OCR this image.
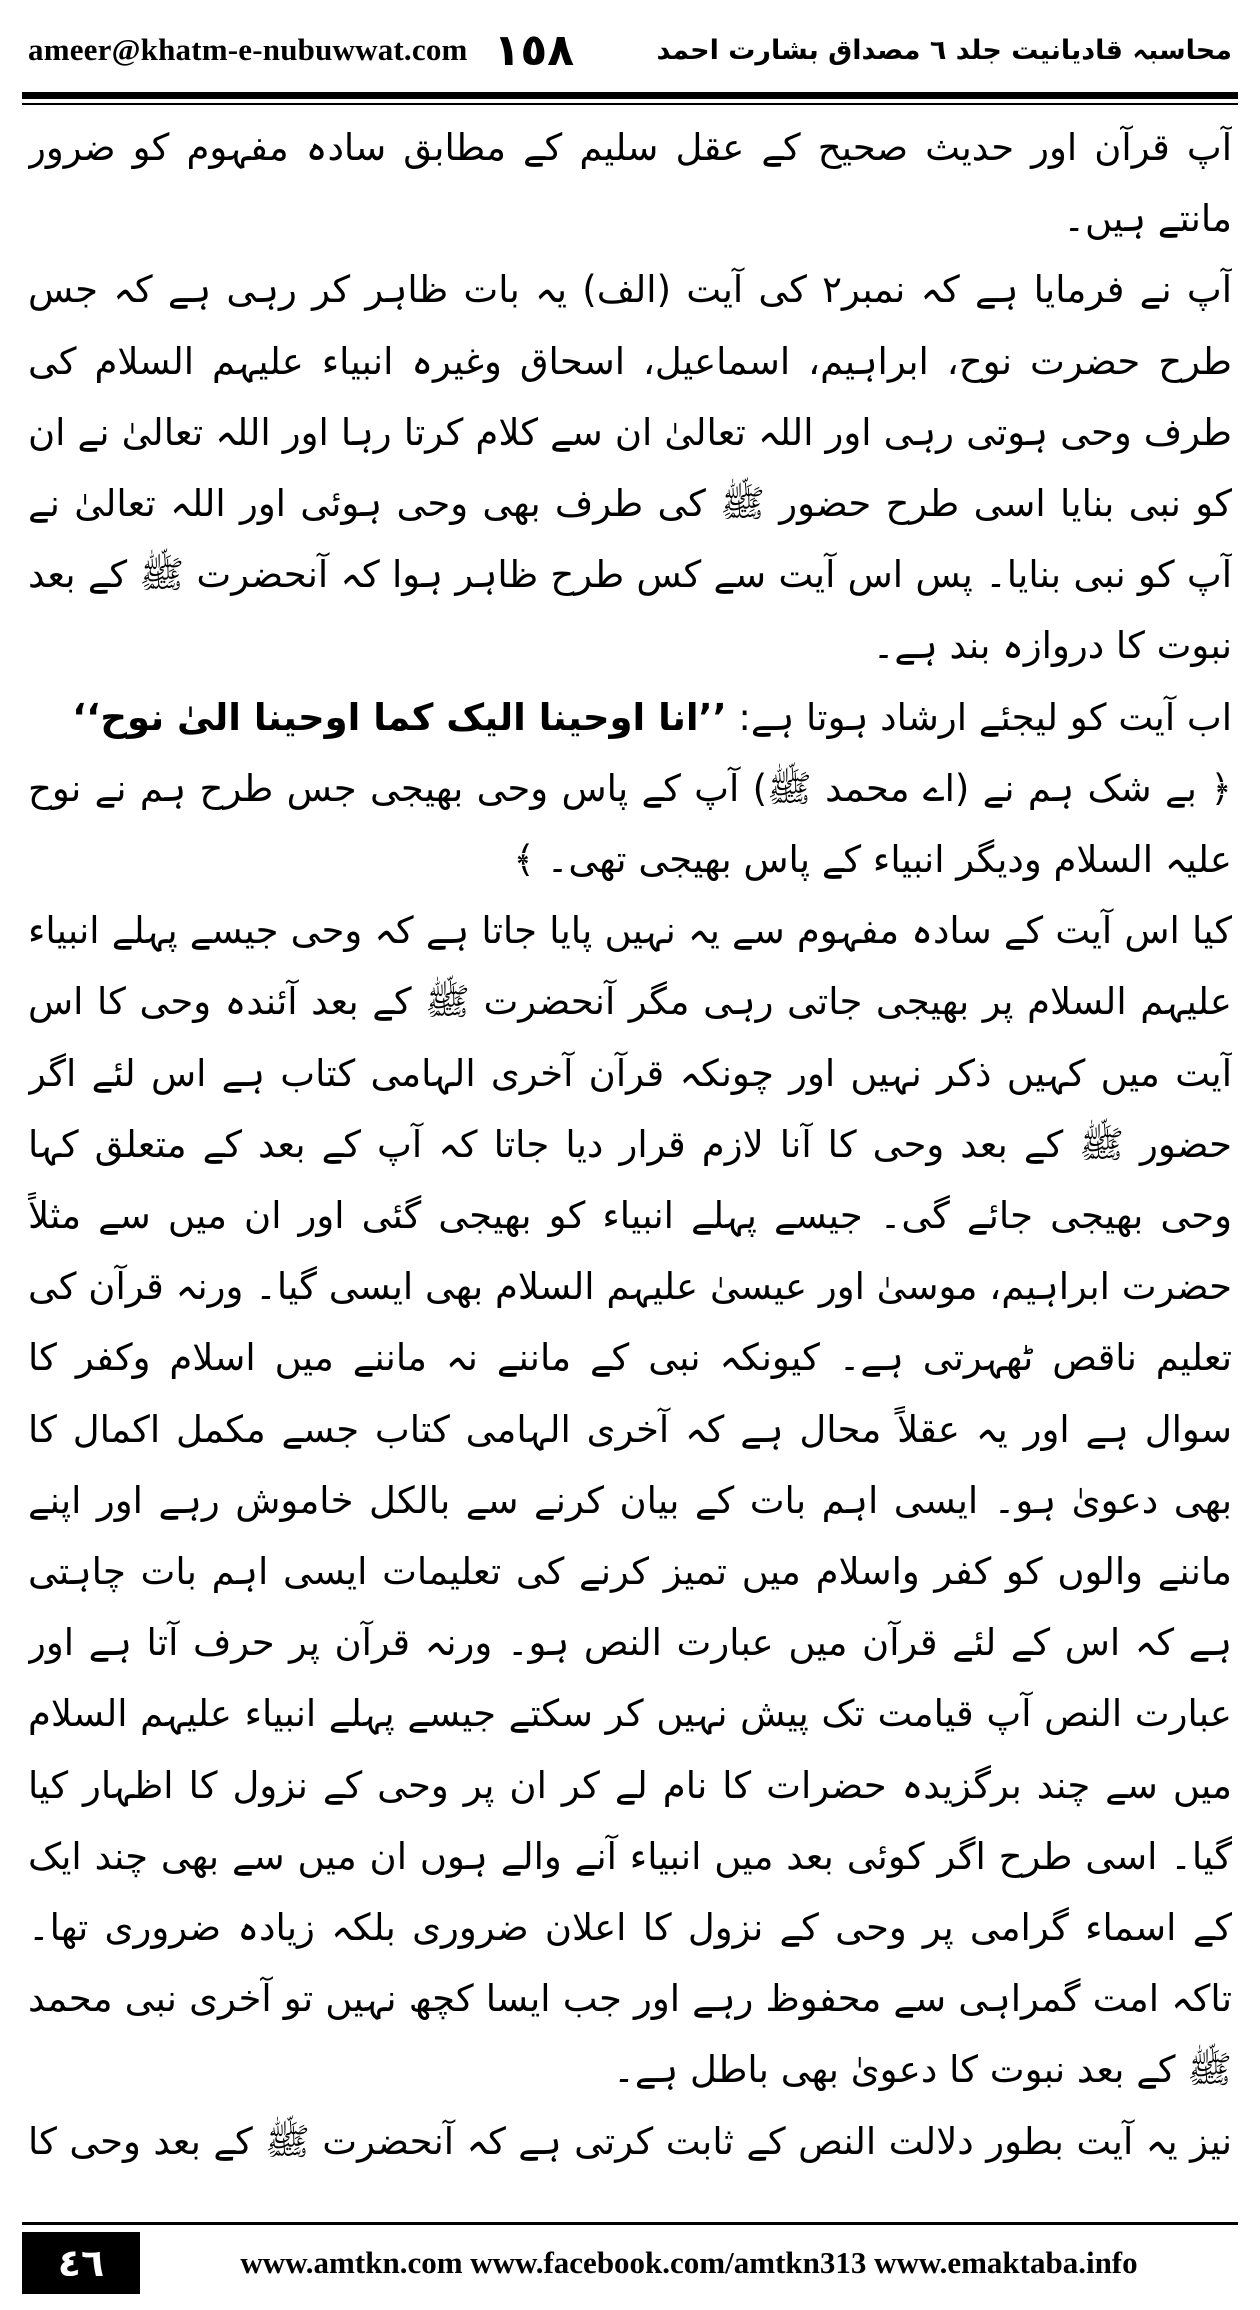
ameer@khatm-e-nubuwwat.com ١٥٨	محاسبہ قادیانیت جلد ٦ مصداق بشارت احمد

آپ قرآن اور حدیث صحیح کے عقل سلیم کے مطابق سادہ مفہوم کو ضرور مانتے ہیں۔

آپ نے فرمایا ہے کہ نمبر٢ کی آیت (الف) یہ بات ظاہر کر رہی ہے کہ جس طرح حضرت نوح، ابراہیم، اسماعیل، اسحاق وغیرہ انبیاء علیہم السلام کی طرف وحی ہوتی رہی اور اللہ تعالیٰ ان سے کلام کرتا رہا اور اللہ تعالیٰ نے ان کو نبی بنایا اسی طرح حضور ﷺ کی طرف بھی وحی ہوئی اور اللہ تعالیٰ نے آپ کو نبی بنایا۔ پس اس آیت سے کس طرح ظاہر ہوا کہ آنحضرت ﷺ کے بعد نبوت کا دروازہ بند ہے۔

اب آیت کو لیجئے ارشاد ہوتا ہے: ’’انا اوحینا الیک کما اوحینا الیٰ نوح‘‘

﴿ بے شک ہم نے (اے محمد ﷺ) آپ کے پاس وحی بھیجی جس طرح ہم نے نوح علیہ السلام ودیگر انبیاء کے پاس بھیجی تھی۔ ﴾

کیا اس آیت کے سادہ مفہوم سے یہ نہیں پایا جاتا ہے کہ وحی جیسے پہلے انبیاء علیہم السلام پر بھیجی جاتی رہی مگر آنحضرت ﷺ کے بعد آئندہ وحی کا اس آیت میں کہیں ذکر نہیں اور چونکہ قرآن آخری الہامی کتاب ہے اس لئے اگر حضور ﷺ کے بعد وحی کا آنا لازم قرار دیا جاتا کہ آپ کے بعد کے متعلق کہا وحی بھیجی جائے گی۔ جیسے پہلے انبیاء کو بھیجی گئی اور ان میں سے مثلاً حضرت ابراہیم، موسیٰ اور عیسیٰ علیہم السلام بھی ایسی گیا۔ ورنہ قرآن کی تعلیم ناقص ٹھہرتی ہے۔ کیونکہ نبی کے ماننے نہ ماننے میں اسلام وکفر کا سوال ہے اور یہ عقلاً محال ہے کہ آخری الہامی کتاب جسے مکمل اکمال کا بھی دعویٰ ہو۔ ایسی اہم بات کے بیان کرنے سے بالکل خاموش رہے اور اپنے ماننے والوں کو کفر واسلام میں تمیز کرنے کی تعلیمات ایسی اہم بات چاہتی ہے کہ اس کے لئے قرآن میں عبارت النص ہو۔ ورنہ قرآن پر حرف آتا ہے اور عبارت النص آپ قیامت تک پیش نہیں کر سکتے جیسے پہلے انبیاء علیہم السلام میں سے چند برگزیدہ حضرات کا نام لے کر ان پر وحی کے نزول کا اظہار کیا گیا۔ اسی طرح اگر کوئی بعد میں انبیاء آنے والے ہوں ان میں سے بھی چند ایک کے اسماء گرامی پر وحی کے نزول کا اعلان ضروری بلکہ زیادہ ضروری تھا۔ تاکہ امت گمراہی سے محفوظ رہے اور جب ایسا کچھ نہیں تو آخری نبی محمد ﷺ کے بعد نبوت کا دعویٰ بھی باطل ہے۔

نیز یہ آیت بطور دلالت النص کے ثابت کرتی ہے کہ آنحضرت ﷺ کے بعد وحی کا

٤٦	www.amtkn.com www.facebook.com/amtkn313 www.emaktaba.info
